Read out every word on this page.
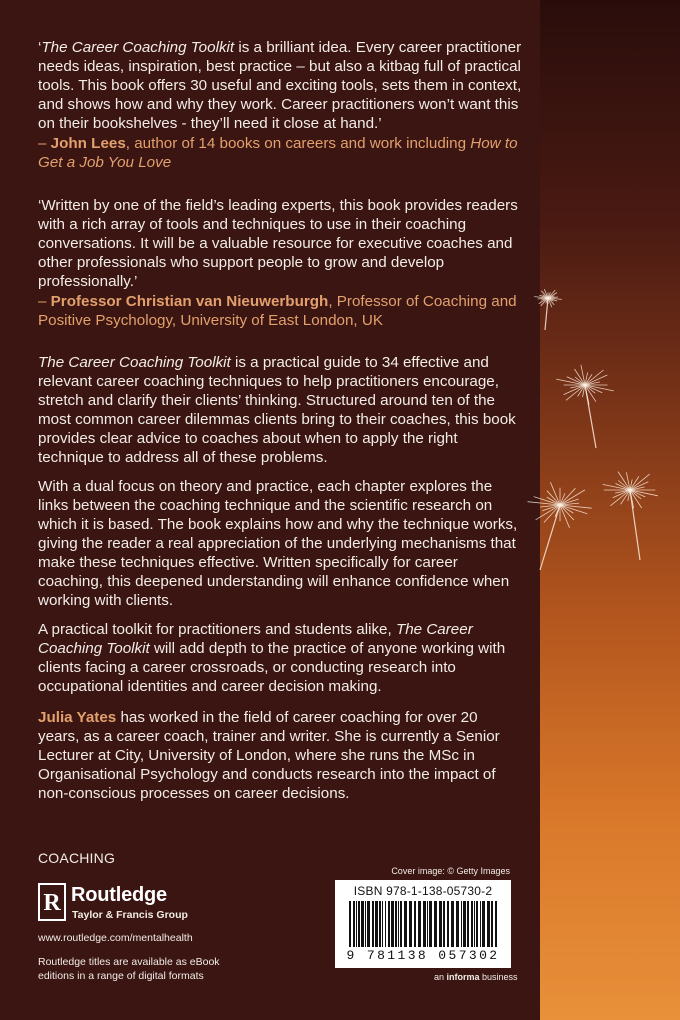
‘The Career Coaching Toolkit is a brilliant idea. Every career practitioner needs ideas, inspiration, best practice – but also a kitbag full of practical tools. This book offers 30 useful and exciting tools, sets them in context, and shows how and why they work. Career practitioners won’t want this on their bookshelves - they’ll need it close at hand.’

– John Lees, author of 14 books on careers and work including How to Get a Job You Love

‘Written by one of the field’s leading experts, this book provides readers with a rich array of tools and techniques to use in their coaching conversations. It will be a valuable resource for executive coaches and other professionals who support people to grow and develop professionally.’

– Professor Christian van Nieuwerburgh, Professor of Coaching and Positive Psychology, University of East London, UK

The Career Coaching Toolkit is a practical guide to 34 effective and relevant career coaching techniques to help practitioners encourage, stretch and clarify their clients’ thinking. Structured around ten of the most common career dilemmas clients bring to their coaches, this book provides clear advice to coaches about when to apply the right technique to address all of these problems.

With a dual focus on theory and practice, each chapter explores the links between the coaching technique and the scientific research on which it is based. The book explains how and why the technique works, giving the reader a real appreciation of the underlying mechanisms that make these techniques effective. Written specifically for career coaching, this deepened understanding will enhance confidence when working with clients.

A practical toolkit for practitioners and students alike, The Career Coaching Toolkit will add depth to the practice of anyone working with clients facing a career crossroads, or conducting research into occupational identities and career decision making.

Julia Yates has worked in the field of career coaching for over 20 years, as a career coach, trainer and writer. She is currently a Senior Lecturer at City, University of London, where she runs the MSc in Organisational Psychology and conducts research into the impact of non-conscious processes on career decisions.

COACHING
R Routledge
Taylor & Francis Group
www.routledge.com/mentalhealth
Routledge titles are available as eBook editions in a range of digital formats
Cover image: © Getty Images
ISBN 978-1-138-05730-2
9 781138 057302
an informa business
